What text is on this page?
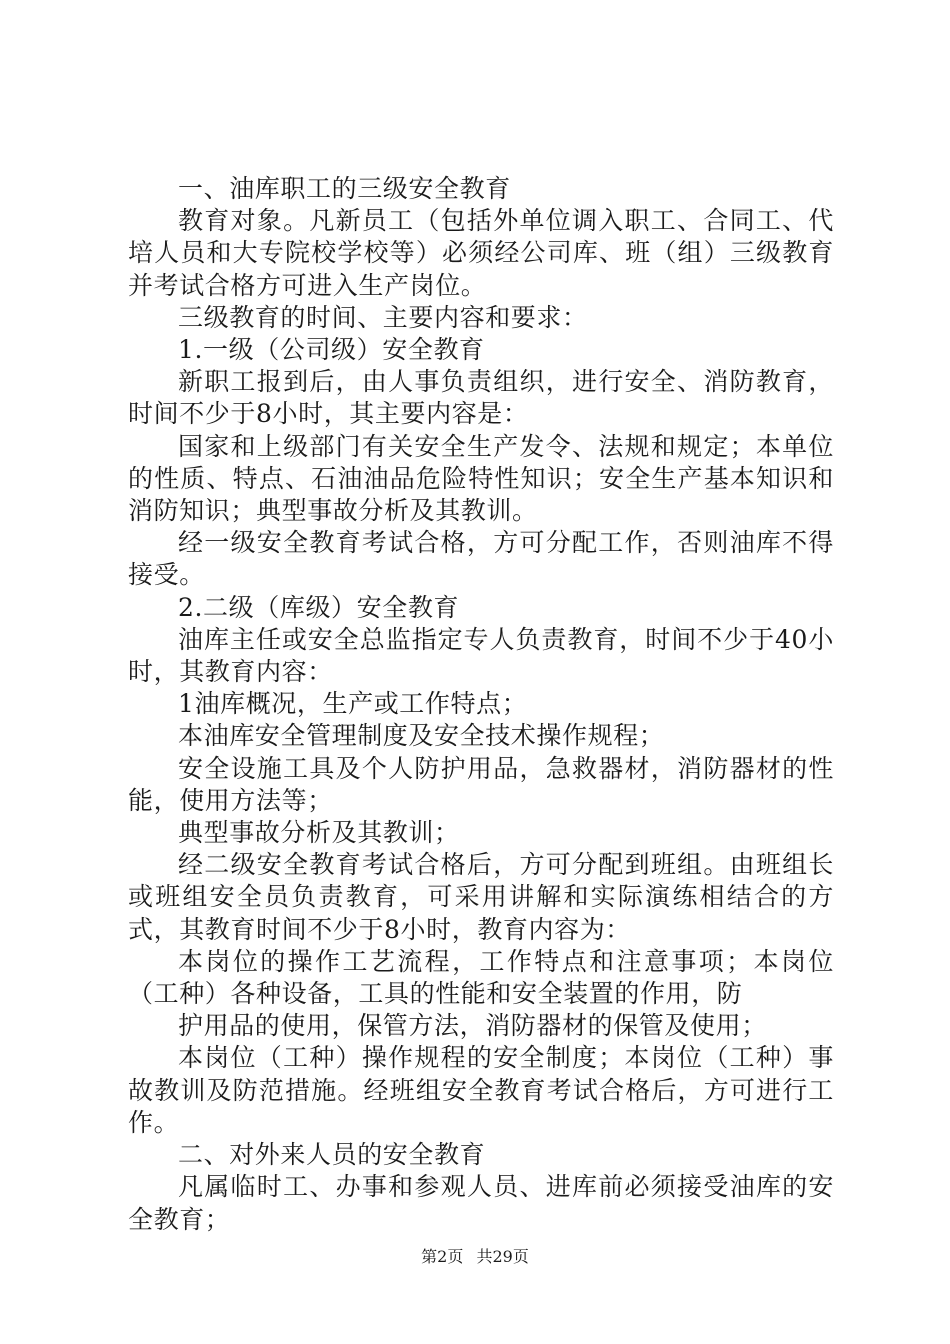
一、油库职工的三级安全教育

教育对象。凡新员工（包括外单位调入职工、合同工、代培人员和大专院校学校等）必须经公司库、班（组）三级教育并考试合格方可进入生产岗位。

三级教育的时间、主要内容和要求：

1.一级（公司级）安全教育

新职工报到后，由人事负责组织，进行安全、消防教育，时间不少于8小时，其主要内容是：

国家和上级部门有关安全生产发令、法规和规定；本单位的性质、特点、石油油品危险特性知识；安全生产基本知识和消防知识；典型事故分析及其教训。

经一级安全教育考试合格，方可分配工作，否则油库不得接受。

2.二级（库级）安全教育

油库主任或安全总监指定专人负责教育，时间不少于40小时，其教育内容：

1油库概况，生产或工作特点；

本油库安全管理制度及安全技术操作规程；

安全设施工具及个人防护用品，急救器材，消防器材的性能，使用方法等；

典型事故分析及其教训；

经二级安全教育考试合格后，方可分配到班组。由班组长或班组安全员负责教育，可采用讲解和实际演练相结合的方式，其教育时间不少于8小时，教育内容为：

本岗位的操作工艺流程，工作特点和注意事项；本岗位（工种）各种设备，工具的性能和安全装置的作用，防

护用品的使用，保管方法，消防器材的保管及使用；

本岗位（工种）操作规程的安全制度；本岗位（工种）事故教训及防范措施。经班组安全教育考试合格后，方可进行工作。

二、对外来人员的安全教育

凡属临时工、办事和参观人员、进库前必须接受油库的安全教育；

第2页 共29页
